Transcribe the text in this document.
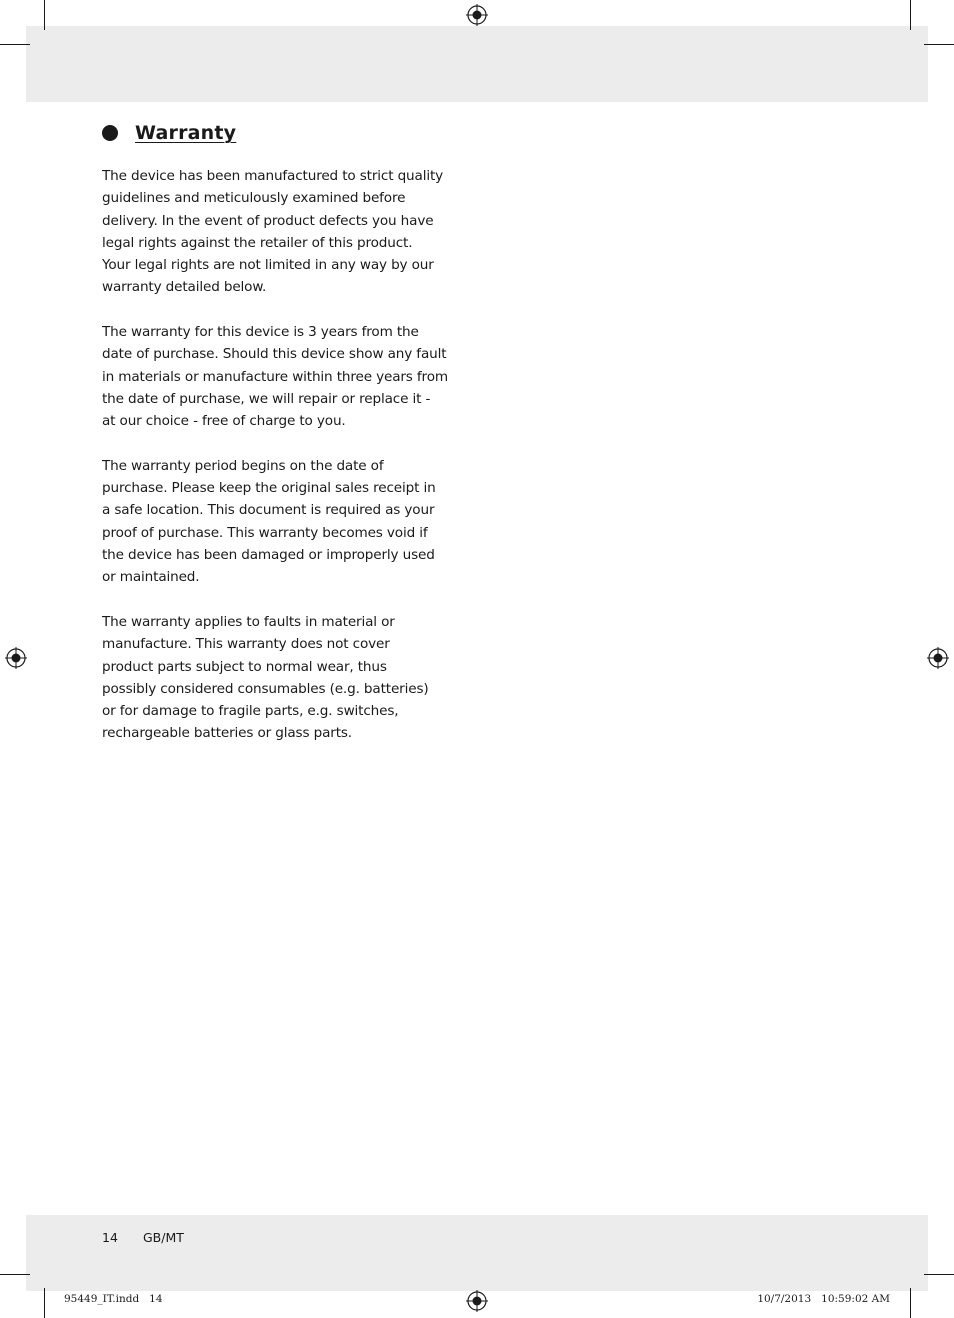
Warranty

The device has been manufactured to strict quality
guidelines and meticulously examined before
delivery. In the event of product defects you have
legal rights against the retailer of this product.
Your legal rights are not limited in any way by our
warranty detailed below.

The warranty for this device is 3 years from the
date of purchase. Should this device show any fault
in materials or manufacture within three years from
the date of purchase, we will repair or replace it -
at our choice - free of charge to you.

The warranty period begins on the date of
purchase. Please keep the original sales receipt in
a safe location. This document is required as your
proof of purchase. This warranty becomes void if
the device has been damaged or improperly used
or maintained.

The warranty applies to faults in material or
manufacture. This warranty does not cover
product parts subject to normal wear, thus
possibly considered consumables (e.g. batteries)
or for damage to fragile parts, e.g. switches,
rechargeable batteries or glass parts.

14 GB/MT
95449_IT.indd   14	10/7/2013   10:59:02 AM
